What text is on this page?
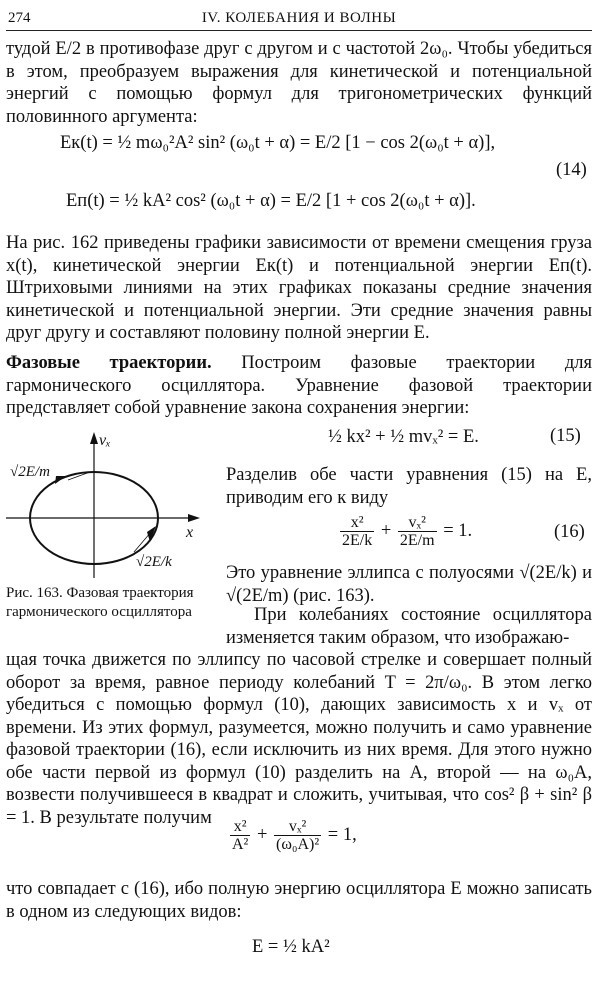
274	IV. КОЛЕБАНИЯ И ВОЛНЫ

тудой E/2 в противофазе друг с другом и с частотой 2ω₀. Чтобы убедиться в этом, преобразуем выражения для кинетической и потенциальной энергий с помощью формул для тригонометрических функций половинного аргумента:

Eк(t) = ½ mω₀²A² sin² (ω₀t + α) = E/2 [1 − cos 2(ω₀t + α)],
(14)
Eп(t) = ½ kA² cos² (ω₀t + α) = E/2 [1 + cos 2(ω₀t + α)].

На рис. 162 приведены графики зависимости от времени смещения груза x(t), кинетической энергии Eк(t) и потенциальной энергии Eп(t). Штриховыми линиями на этих графиках показаны средние значения кинетической и потенциальной энергии. Эти средние значения равны друг другу и составляют половину полной энергии E.

Фазовые траектории. Построим фазовые траектории для гармонического осциллятора. Уравнение фазовой траектории представляет собой уравнение закона сохранения энергии:

vₓ
x
√2E/m
√2E/k
Рис. 163. Фазовая траектория гармонического осциллятора
½ kx² + ½ mvₓ² = E.	(15)

Разделив обе части уравнения (15) на E, приводим его к виду

$\frac{\text{x²}}{2E/k} + \frac{\text{vₓ²}}{2E/m} = 1$.	(16)

Это уравнение эллипса с полуосями √(2E/k) и √(2E/m) (рис. 163).

При колебаниях состояние осциллятора изменяется таким образом, что изображаю-

щая точка движется по эллипсу по часовой стрелке и совершает полный оборот за время, равное периоду колебаний T = 2π/ω₀. В этом легко убедиться с помощью формул (10), дающих зависимость x и vₓ от времени. Из этих формул, разумеется, можно получить и само уравнение фазовой траектории (16), если исключить из них время. Для этого нужно обе части первой из формул (10) разделить на A, второй — на ω₀A, возвести получившееся в квадрат и сложить, учитывая, что cos² β + sin² β = 1. В результате получим

$\frac{\text{x²}}{\text{A²}} + \frac{\text{vₓ²}}{\text{(ω₀A)²}} = 1$,

что совпадает с (16), ибо полную энергию осциллятора E можно записать в одном из следующих видов:

E = ½ kA²
